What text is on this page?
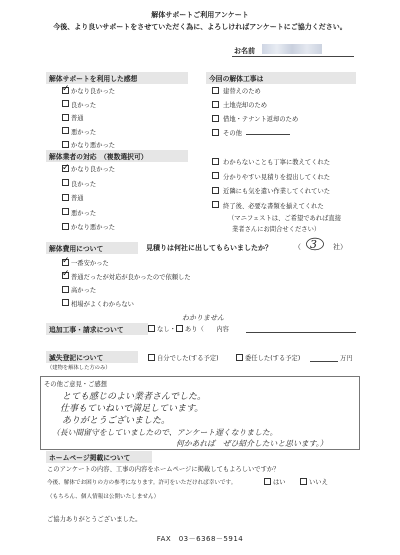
解体サポートご利用アンケート
今後、より良いサポートをさせていただく為に、よろしければアンケートにご協力ください。
お名前
解体サポートを利用した感想
✓かなり良かった
良かった
普通
悪かった
かなり悪かった
今回の解体工事は
建替えのため
土地売却のため
借地・テナント返却のため
その他
解体業者の対応　（複数選択可）
✓かなり良かった
良かった
普通
悪かった
かなり悪かった
わからないことも丁寧に教えてくれた
分かりやすい見積りを提出してくれた
近隣にも気を遣い作業してくれていた
終了後、必要な書類を揃えてくれた
（マニフェストは、ご希望であれば直接
業者さんにお問合せください）
解体費用について	見積りは何社に出してもらいましたか？	（ 3 社）
✓一番安かった
✓普通だったが対応が良かったので依頼した
高かった
相場がよくわからない
追加工事・請求について	なし・ あり（　　内容
わかりません
滅失登記について
（建物を解体した方のみ）
自分でした(する予定)	委任した(する予定)	万円
その他ご意見・ご感想
とても感じのよい業者さんでした。
仕事もていねいで満足しています。
ありがとうございました。
（長い間留守をしていましたので、アンケート遅くなりました。
何かあれば　ぜひ紹介したいと思います。）
ホームページ掲載について
このアンケートの内容、工事の内容をホームページに掲載してもよろしいですか？
今後、解体でお困りの方の参考になります。許可をいただければ幸いです。	はい	いいえ
（もちろん、個人情報は公開いたしません）
ご協力ありがとうございました。
FAX　03－6368－5914
